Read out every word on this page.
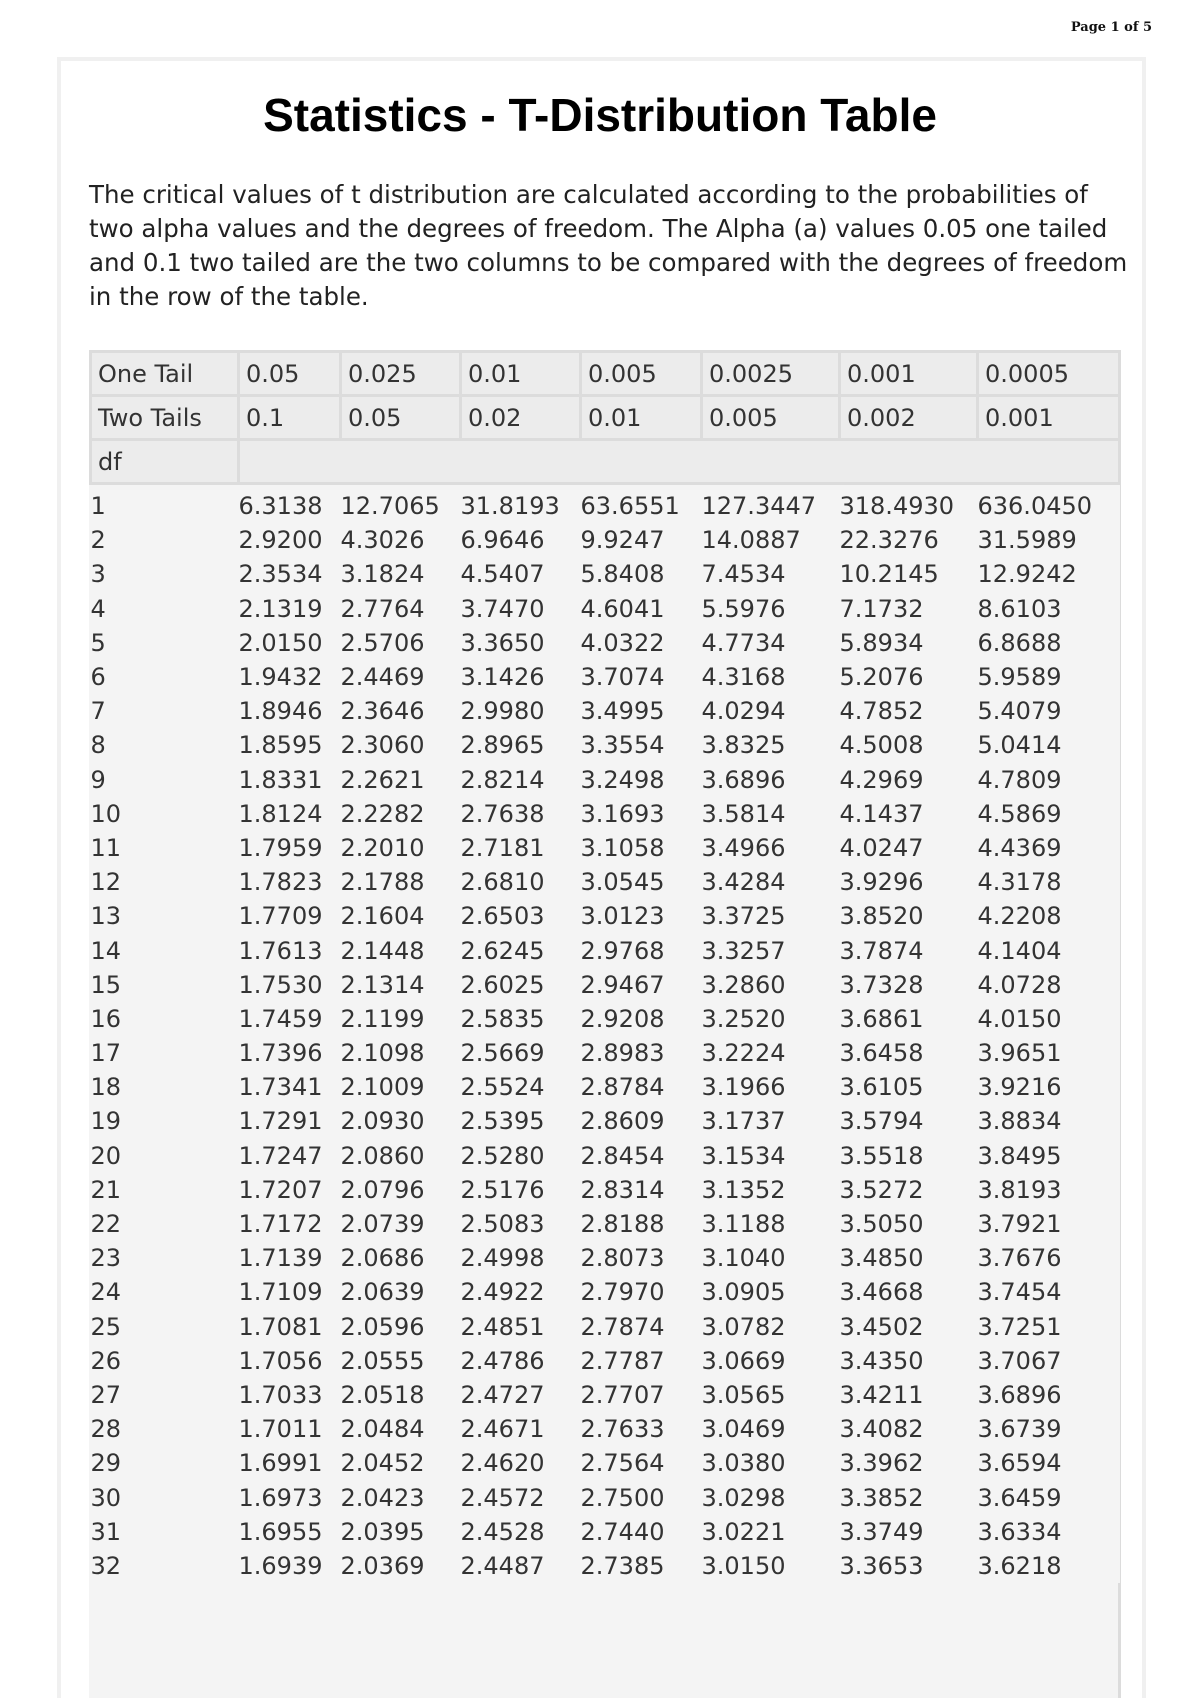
Page 1 of 5
Statistics - T-Distribution Table

The critical values of t distribution are calculated according to the probabilities of two alpha values and the degrees of freedom. The Alpha (a) values 0.05 one tailed and 0.1 two tailed are the two columns to be compared with the degrees of freedom in the row of the table.

One Tail	0.05	0.025	0.01	0.005	0.0025	0.001	0.0005
Two Tails	0.1	0.05	0.02	0.01	0.005	0.002	0.001
df							
1	6.3138	12.7065	31.8193	63.6551	127.3447	318.4930	636.0450
2	2.9200	4.3026	6.9646	9.9247	14.0887	22.3276	31.5989
3	2.3534	3.1824	4.5407	5.8408	7.4534	10.2145	12.9242
4	2.1319	2.7764	3.7470	4.6041	5.5976	7.1732	8.6103
5	2.0150	2.5706	3.3650	4.0322	4.7734	5.8934	6.8688
6	1.9432	2.4469	3.1426	3.7074	4.3168	5.2076	5.9589
7	1.8946	2.3646	2.9980	3.4995	4.0294	4.7852	5.4079
8	1.8595	2.3060	2.8965	3.3554	3.8325	4.5008	5.0414
9	1.8331	2.2621	2.8214	3.2498	3.6896	4.2969	4.7809
10	1.8124	2.2282	2.7638	3.1693	3.5814	4.1437	4.5869
11	1.7959	2.2010	2.7181	3.1058	3.4966	4.0247	4.4369
12	1.7823	2.1788	2.6810	3.0545	3.4284	3.9296	4.3178
13	1.7709	2.1604	2.6503	3.0123	3.3725	3.8520	4.2208
14	1.7613	2.1448	2.6245	2.9768	3.3257	3.7874	4.1404
15	1.7530	2.1314	2.6025	2.9467	3.2860	3.7328	4.0728
16	1.7459	2.1199	2.5835	2.9208	3.2520	3.6861	4.0150
17	1.7396	2.1098	2.5669	2.8983	3.2224	3.6458	3.9651
18	1.7341	2.1009	2.5524	2.8784	3.1966	3.6105	3.9216
19	1.7291	2.0930	2.5395	2.8609	3.1737	3.5794	3.8834
20	1.7247	2.0860	2.5280	2.8454	3.1534	3.5518	3.8495
21	1.7207	2.0796	2.5176	2.8314	3.1352	3.5272	3.8193
22	1.7172	2.0739	2.5083	2.8188	3.1188	3.5050	3.7921
23	1.7139	2.0686	2.4998	2.8073	3.1040	3.4850	3.7676
24	1.7109	2.0639	2.4922	2.7970	3.0905	3.4668	3.7454
25	1.7081	2.0596	2.4851	2.7874	3.0782	3.4502	3.7251
26	1.7056	2.0555	2.4786	2.7787	3.0669	3.4350	3.7067
27	1.7033	2.0518	2.4727	2.7707	3.0565	3.4211	3.6896
28	1.7011	2.0484	2.4671	2.7633	3.0469	3.4082	3.6739
29	1.6991	2.0452	2.4620	2.7564	3.0380	3.3962	3.6594
30	1.6973	2.0423	2.4572	2.7500	3.0298	3.3852	3.6459
31	1.6955	2.0395	2.4528	2.7440	3.0221	3.3749	3.6334
32	1.6939	2.0369	2.4487	2.7385	3.0150	3.3653	3.6218
